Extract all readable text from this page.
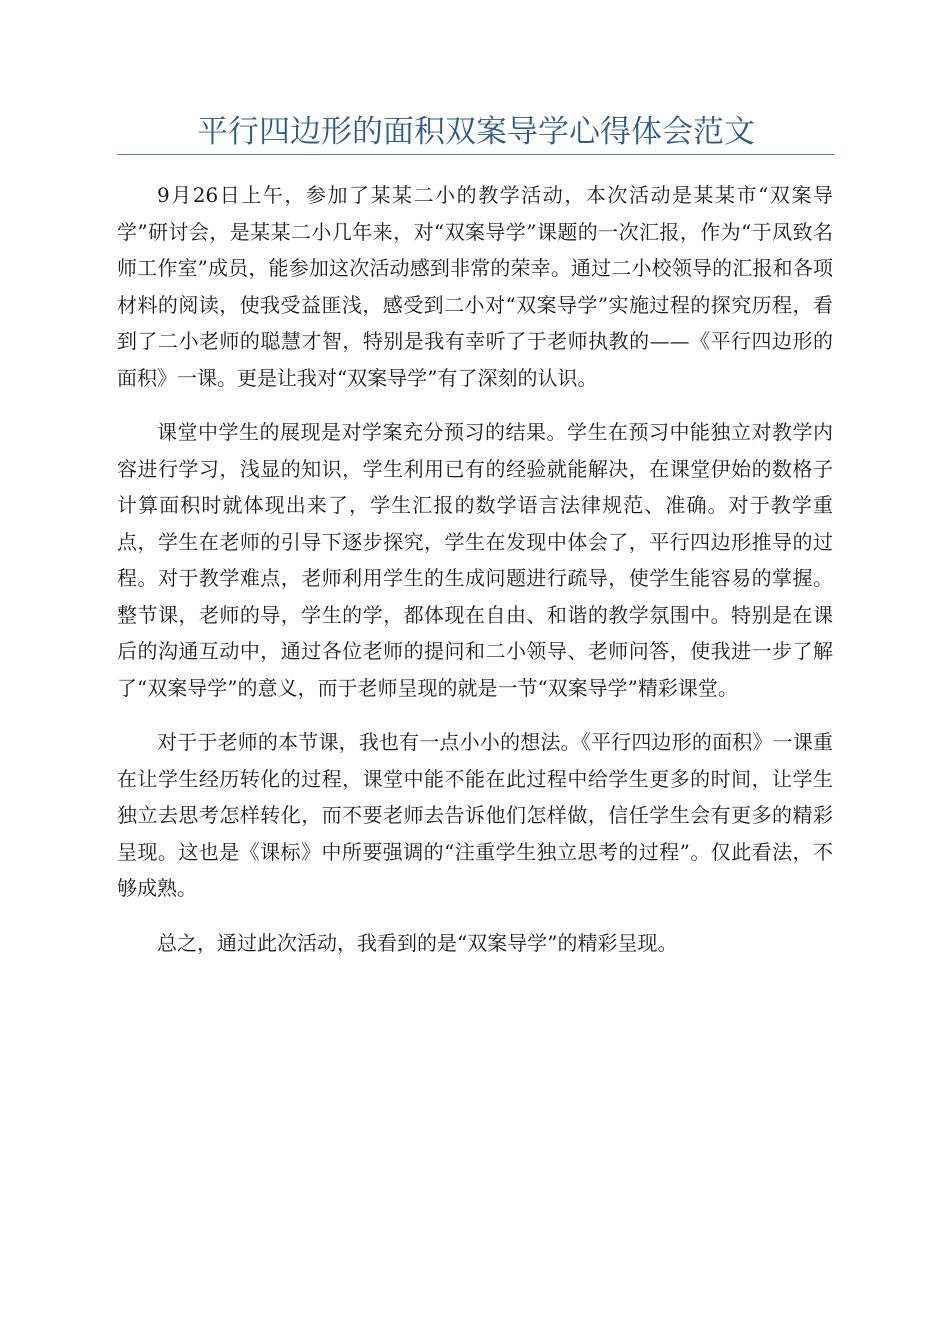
平行四边形的面积双案导学心得体会范文

9月26日上午，参加了某某二小的教学活动，本次活动是某某市“双案导学”研讨会，是某某二小几年来，对“双案导学”课题的一次汇报，作为“于凤致名师工作室”成员，能参加这次活动感到非常的荣幸。通过二小校领导的汇报和各项材料的阅读，使我受益匪浅，感受到二小对“双案导学”实施过程的探究历程，看到了二小老师的聪慧才智，特别是我有幸听了于老师执教的——《平行四边形的面积》一课。更是让我对“双案导学”有了深刻的认识。

课堂中学生的展现是对学案充分预习的结果。学生在预习中能独立对教学内容进行学习，浅显的知识，学生利用已有的经验就能解决，在课堂伊始的数格子计算面积时就体现出来了，学生汇报的数学语言法律规范、准确。对于教学重点，学生在老师的引导下逐步探究，学生在发现中体会了，平行四边形推导的过程。对于教学难点，老师利用学生的生成问题进行疏导，使学生能容易的掌握。整节课，老师的导，学生的学，都体现在自由、和谐的教学氛围中。特别是在课后的沟通互动中，通过各位老师的提问和二小领导、老师问答，使我进一步了解了“双案导学”的意义，而于老师呈现的就是一节“双案导学”精彩课堂。

对于于老师的本节课，我也有一点小小的想法。《平行四边形的面积》一课重在让学生经历转化的过程，课堂中能不能在此过程中给学生更多的时间，让学生独立去思考怎样转化，而不要老师去告诉他们怎样做，信任学生会有更多的精彩呈现。这也是《课标》中所要强调的“注重学生独立思考的过程”。仅此看法，不够成熟。

总之，通过此次活动，我看到的是“双案导学”的精彩呈现。
